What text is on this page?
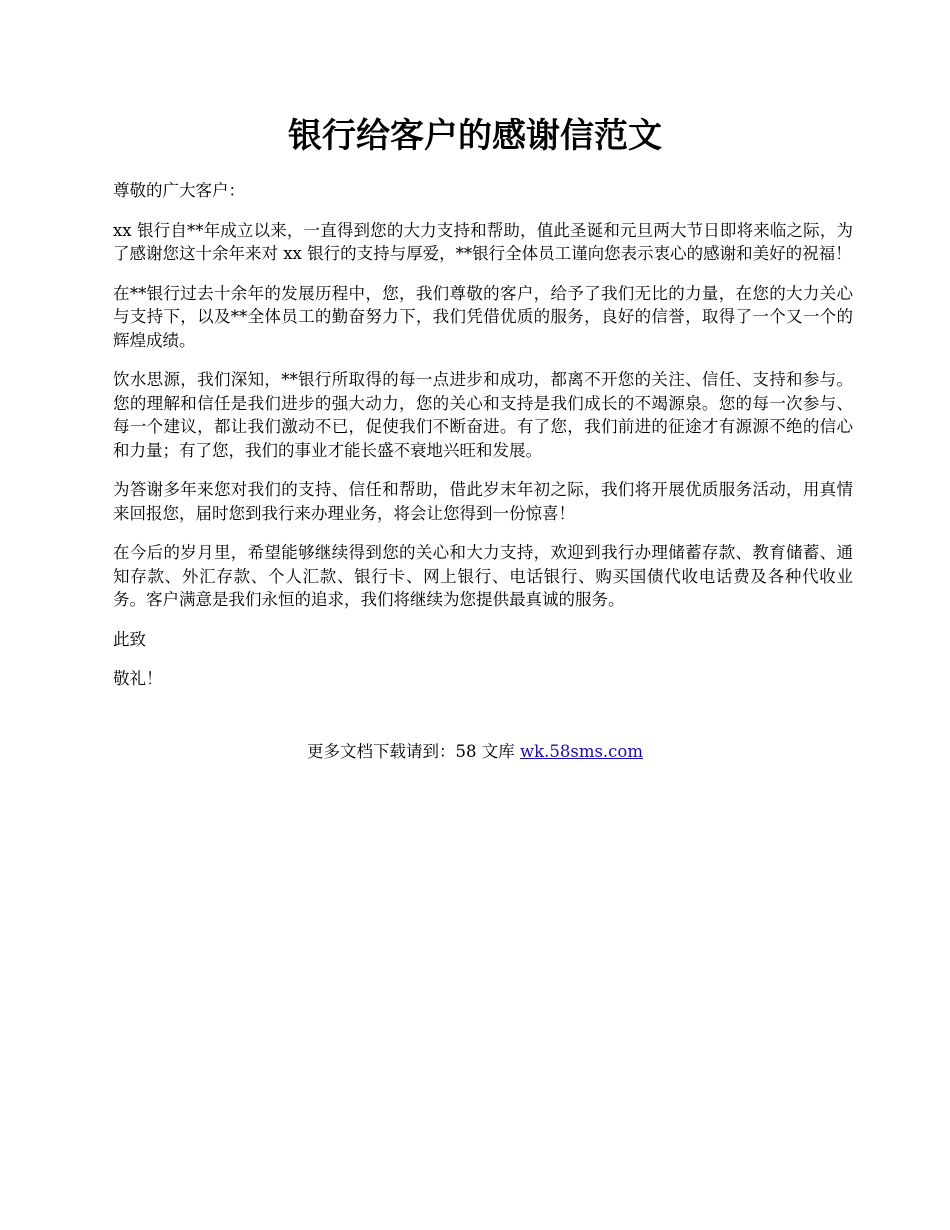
银行给客户的感谢信范文

尊敬的广大客户：

xx 银行自**年成立以来，一直得到您的大力支持和帮助，值此圣诞和元旦两大节日即将来临之际，为了感谢您这十余年来对 xx 银行的支持与厚爱，**银行全体员工谨向您表示衷心的感谢和美好的祝福！

在**银行过去十余年的发展历程中，您，我们尊敬的客户，给予了我们无比的力量，在您的大力关心与支持下，以及**全体员工的勤奋努力下，我们凭借优质的服务，良好的信誉，取得了一个又一个的辉煌成绩。

饮水思源，我们深知，**银行所取得的每一点进步和成功，都离不开您的关注、信任、支持和参与。您的理解和信任是我们进步的强大动力，您的关心和支持是我们成长的不竭源泉。您的每一次参与、每一个建议，都让我们激动不已，促使我们不断奋进。有了您，我们前进的征途才有源源不绝的信心和力量；有了您，我们的事业才能长盛不衰地兴旺和发展。

为答谢多年来您对我们的支持、信任和帮助，借此岁末年初之际，我们将开展优质服务活动，用真情来回报您，届时您到我行来办理业务，将会让您得到一份惊喜！

在今后的岁月里，希望能够继续得到您的关心和大力支持，欢迎到我行办理储蓄存款、教育储蓄、通知存款、外汇存款、个人汇款、银行卡、网上银行、电话银行、购买国债代收电话费及各种代收业务。客户满意是我们永恒的追求，我们将继续为您提供最真诚的服务。

此致

敬礼！

更多文档下载请到：58 文库 wk.58sms.com
